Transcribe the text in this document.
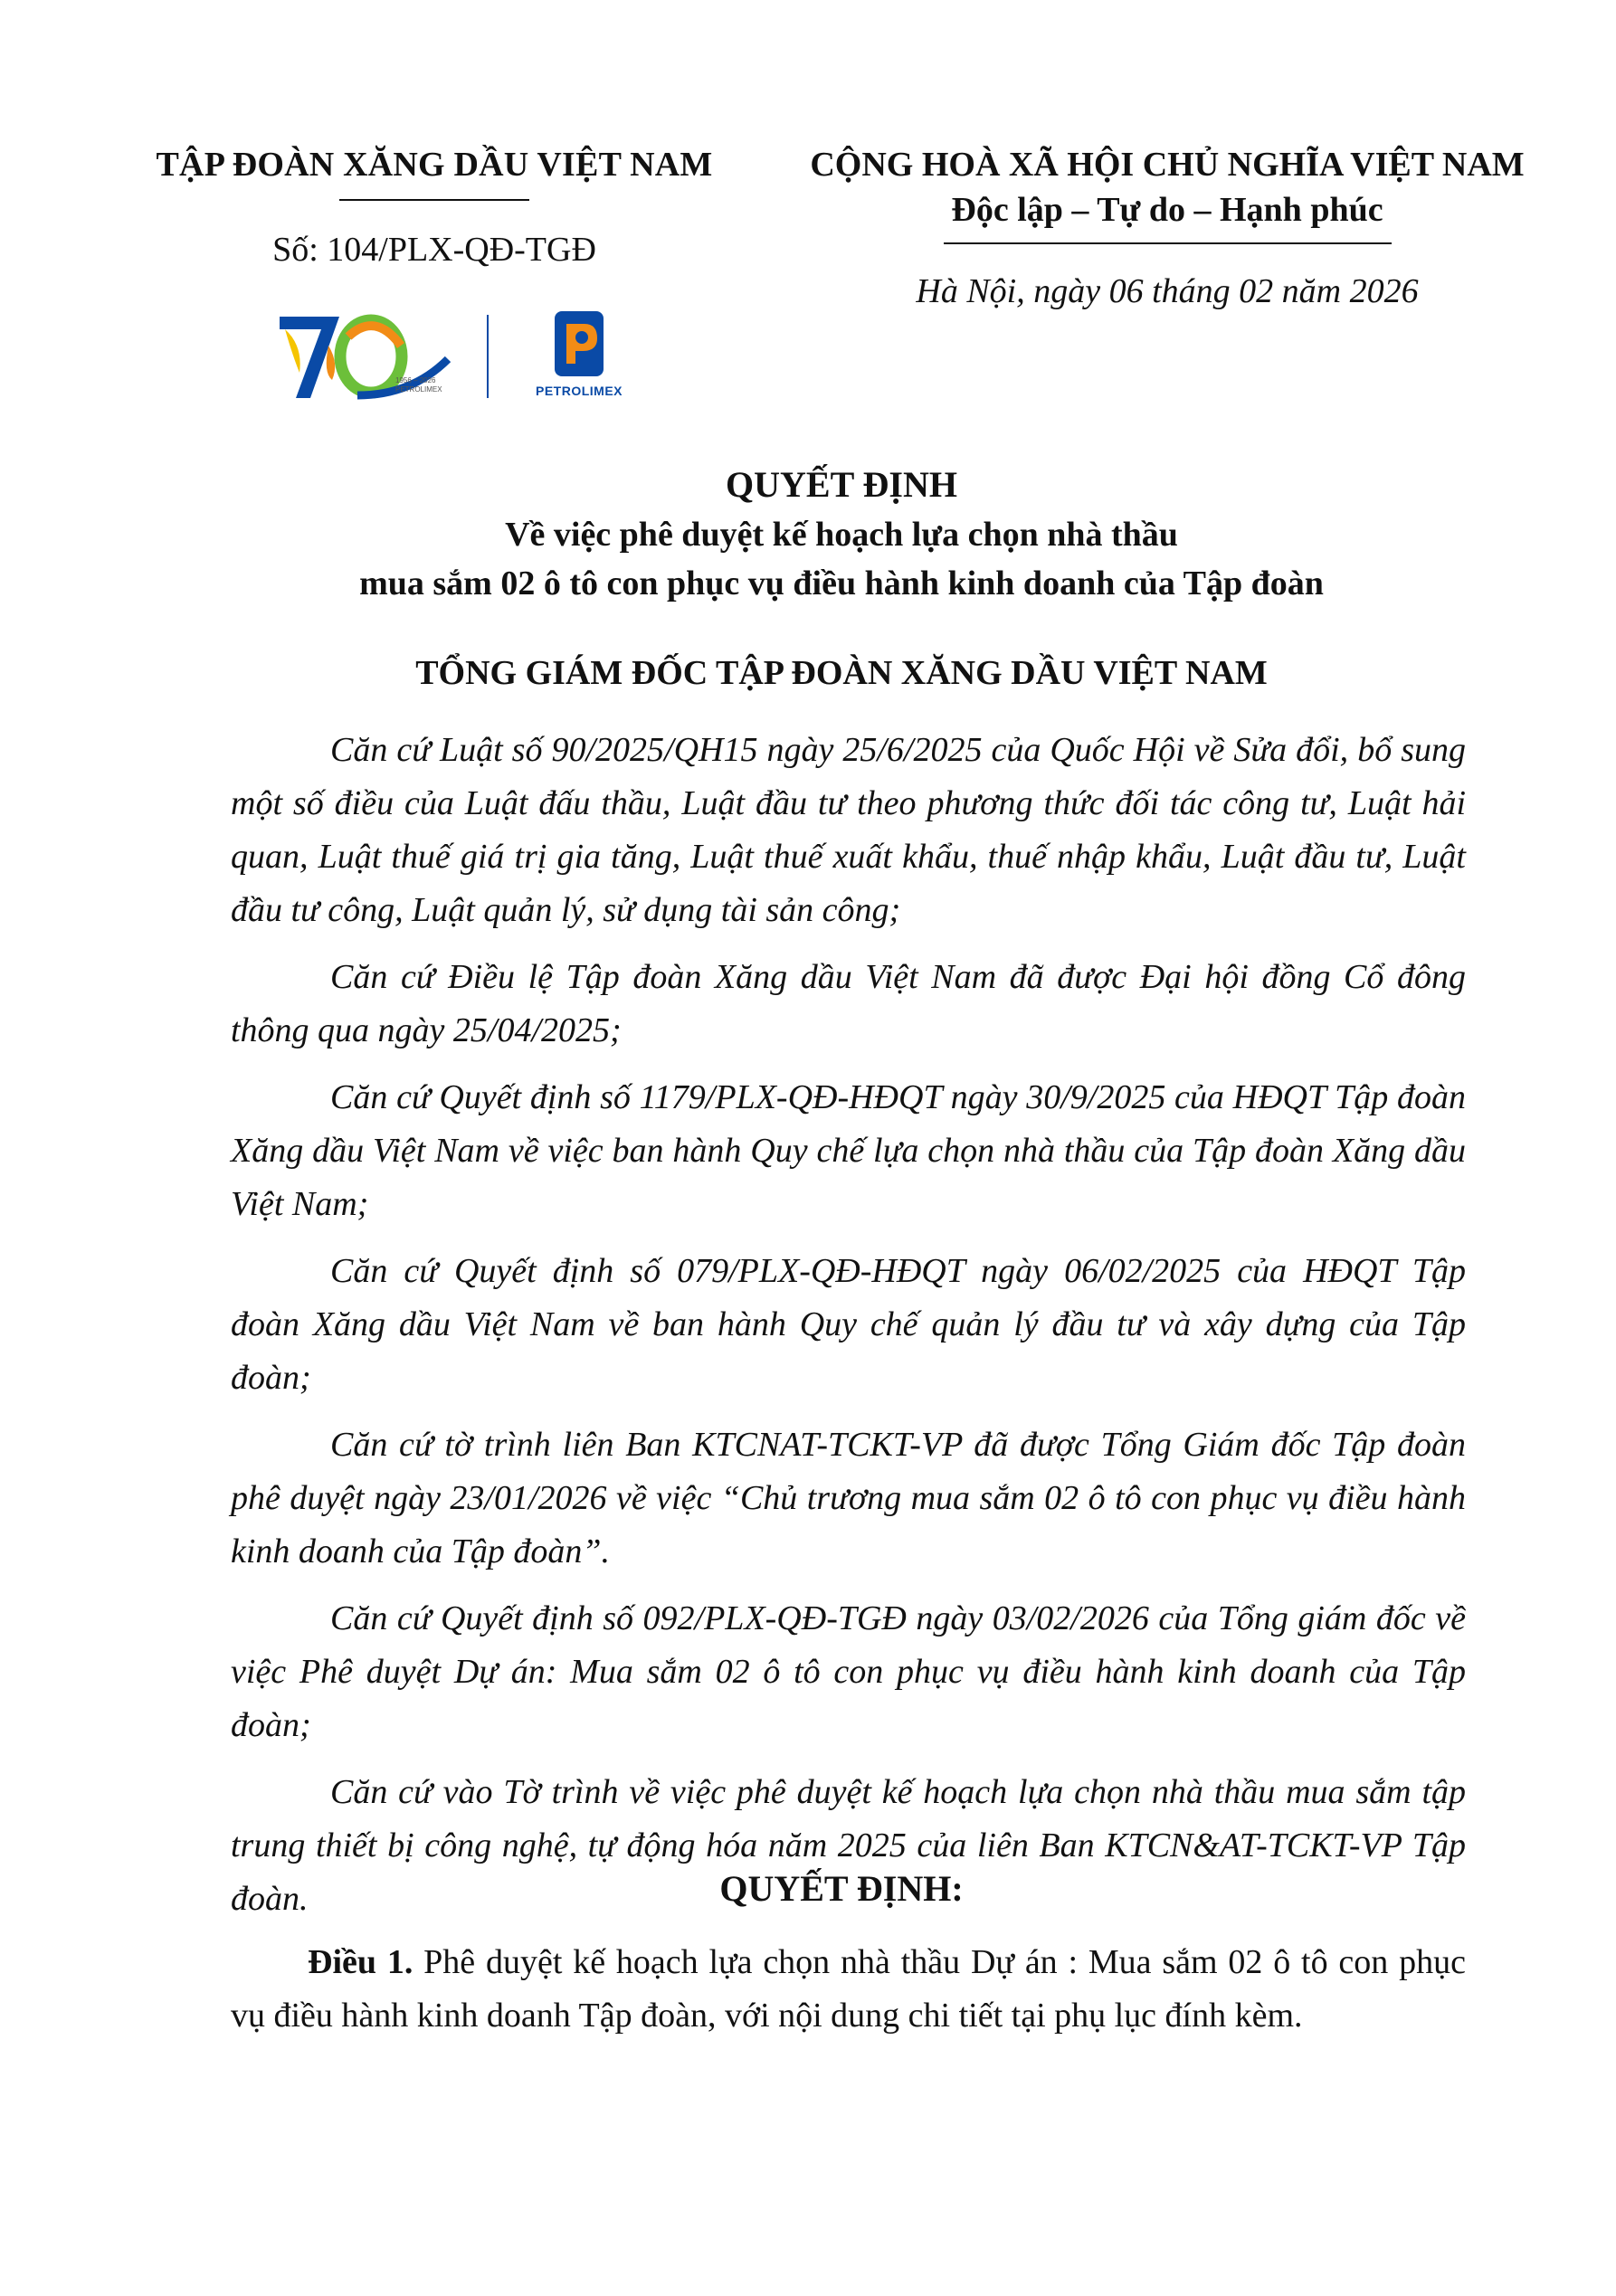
TẬP ĐOÀN XĂNG DẦU VIỆT NAM
Số: 104/PLX-QĐ-TGĐ
1956 – 2026
PETROLIMEX	PETROLIMEX
CỘNG HOÀ XÃ HỘI CHỦ NGHĨA VIỆT NAM
Độc lập – Tự do – Hạnh phúc
Hà Nội, ngày 06 tháng 02 năm 2026
QUYẾT ĐỊNH
Về việc phê duyệt kế hoạch lựa chọn nhà thầu
mua sắm 02 ô tô con phục vụ điều hành kinh doanh của Tập đoàn
TỔNG GIÁM ĐỐC TẬP ĐOÀN XĂNG DẦU VIỆT NAM

Căn cứ Luật số 90/2025/QH15 ngày 25/6/2025 của Quốc Hội về Sửa đổi, bổ sung một số điều của Luật đấu thầu, Luật đầu tư theo phương thức đối tác công tư, Luật hải quan, Luật thuế giá trị gia tăng, Luật thuế xuất khẩu, thuế nhập khẩu, Luật đầu tư, Luật đầu tư công, Luật quản lý, sử dụng tài sản công;

Căn cứ Điều lệ Tập đoàn Xăng dầu Việt Nam đã được Đại hội đồng Cổ đông thông qua ngày 25/04/2025;

Căn cứ Quyết định số 1179/PLX-QĐ-HĐQT ngày 30/9/2025 của HĐQT Tập đoàn Xăng dầu Việt Nam về việc ban hành Quy chế lựa chọn nhà thầu của Tập đoàn Xăng dầu Việt Nam;

Căn cứ Quyết định số 079/PLX-QĐ-HĐQT ngày 06/02/2025 của HĐQT Tập đoàn Xăng dầu Việt Nam về ban hành Quy chế quản lý đầu tư và xây dựng của Tập đoàn;

Căn cứ tờ trình liên Ban KTCNAT-TCKT-VP đã được Tổng Giám đốc Tập đoàn phê duyệt ngày 23/01/2026 về việc “Chủ trương mua sắm 02 ô tô con phục vụ điều hành kinh doanh của Tập đoàn”.

Căn cứ Quyết định số 092/PLX-QĐ-TGĐ ngày 03/02/2026 của Tổng giám đốc về việc Phê duyệt Dự án: Mua sắm 02 ô tô con phục vụ điều hành kinh doanh của Tập đoàn;

Căn cứ vào Tờ trình về việc phê duyệt kế hoạch lựa chọn nhà thầu mua sắm tập trung thiết bị công nghệ, tự động hóa năm 2025 của liên Ban KTCN&AT-TCKT-VP Tập đoàn.	QUYẾT ĐỊNH:

Điều 1. Phê duyệt kế hoạch lựa chọn nhà thầu Dự án : Mua sắm 02 ô tô con phục vụ điều hành kinh doanh Tập đoàn, với nội dung chi tiết tại phụ lục đính kèm.
